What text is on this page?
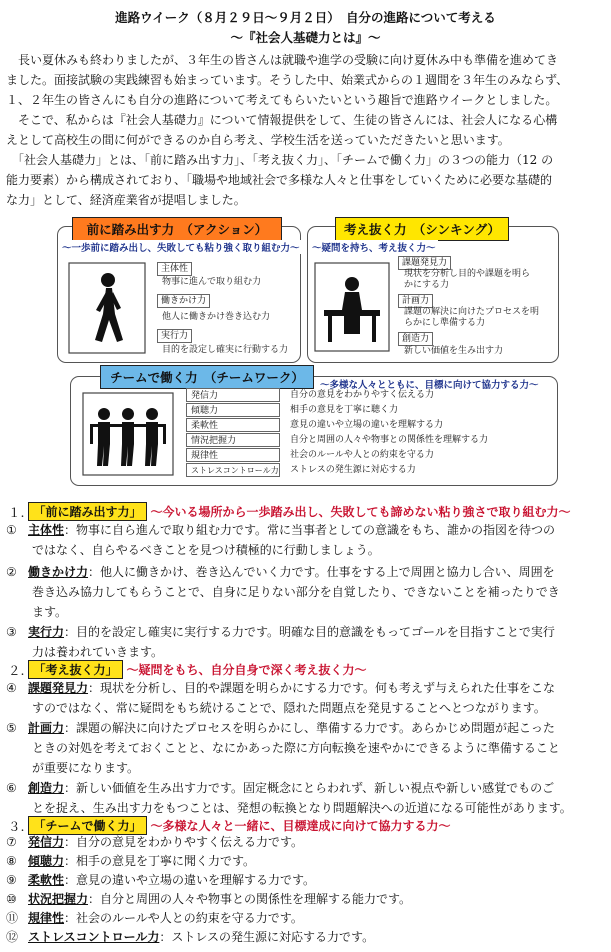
進路ウイーク（８月２９日～９月２日）　自分の進路について考える
～『社会人基礎力とは』～
　長い夏休みも終わりましたが、３年生の皆さんは就職や進学の受験に向け夏休み中も準備を進めてき
ました。面接試験の実践練習も始まっています。そうした中、始業式からの１週間を３年生のみならず、
１、２年生の皆さんにも自分の進路について考えてもらいたいという趣旨で進路ウイークとしました。
　そこで、私からは『社会人基礎力』について情報提供をして、生徒の皆さんには、社会人になる心構
えとして高校生の間に何ができるのか自ら考え、学校生活を送っていただきたいと思います。
　「社会人基礎力」とは、「前に踏み出す力」、「考え抜く力」、「チームで働く力」の３つの能力（12 の
能力要素）から構成されており、「職場や地域社会で多様な人々と仕事をしていくために必要な基礎的
な力」として、経済産業省が提唱しました。
前に踏み出す力　（アクション）
～一歩前に踏み出し、失敗しても粘り強く取り組む力～
主体性
物事に進んで取り組む力
働きかけ力
他人に働きかけ巻き込む力
実行力
目的を設定し確実に行動する力
考え抜く力　（シンキング）
～疑問を持ち、考え抜く力～
課題発見力
現状を分析し目的や課題を明ら
かにする力
計画力
課題の解決に向けたプロセスを明
らかにし準備する力
創造力
新しい価値を生み出す力
チームで働く力　（チームワーク）
～多様な人々とともに、目標に向けて協力する力～
発信力	自分の意見をわかりやすく伝える力
傾聴力	相手の意見を丁寧に聴く力
柔軟性	意見の違いや立場の違いを理解する力
情況把握力	自分と周囲の人々や物事との関係性を理解する力
規律性	社会のルールや人との約束を守る力
ストレスコントロール力	ストレスの発生源に対応する力
１. 「前に踏み出す力」 ～今いる場所から一歩踏み出し、失敗しても諦めない粘り強さで取り組む力～
① 主体性：物事に自ら進んで取り組む力です。常に当事者としての意識をもち、誰かの指図を待つの
ではなく、自らやるべきことを見つけ積極的に行動しましょう。
② 働きかけ力：他人に働きかけ、巻き込んでいく力です。仕事をする上で周囲と協力し合い、周囲を
巻き込み協力してもらうことで、自身に足りない部分を自覚したり、できないことを補ったりでき
ます。
③ 実行力：目的を設定し確実に実行する力です。明確な目的意識をもってゴールを目指すことで実行
力は養われていきます。
２. 「考え抜く力」 ～疑問をもち、自分自身で深く考え抜く力～
④ 課題発見力：現状を分析し、目的や課題を明らかにする力です。何も考えず与えられた仕事をこな
すのではなく、常に疑問をもち続けることで、隠れた問題点を発見することへとつながります。
⑤ 計画力：課題の解決に向けたプロセスを明らかにし、準備する力です。あらかじめ問題が起こった
ときの対処を考えておくことと、なにかあった際に方向転換を速やかにできるように準備すること
が重要になります。
⑥ 創造力：新しい価値を生み出す力です。固定概念にとらわれず、新しい視点や新しい感覚でものご
とを捉え、生み出す力をもつことは、発想の転換となり問題解決への近道になる可能性があります。
３. 「チームで働く力」 ～多様な人々と一緒に、目標達成に向けて協力する力～
⑦ 発信力：自分の意見をわかりやすく伝える力です。
⑧ 傾聴力：相手の意見を丁寧に聞く力です。
⑨ 柔軟性：意見の違いや立場の違いを理解する力です。
⑩ 状況把握力：自分と周囲の人々や物事との関係性を理解する能力です。
⑪ 規律性：社会のルールや人との約束を守る力です。
⑫ ストレスコントロール力：ストレスの発生源に対応する力です。
